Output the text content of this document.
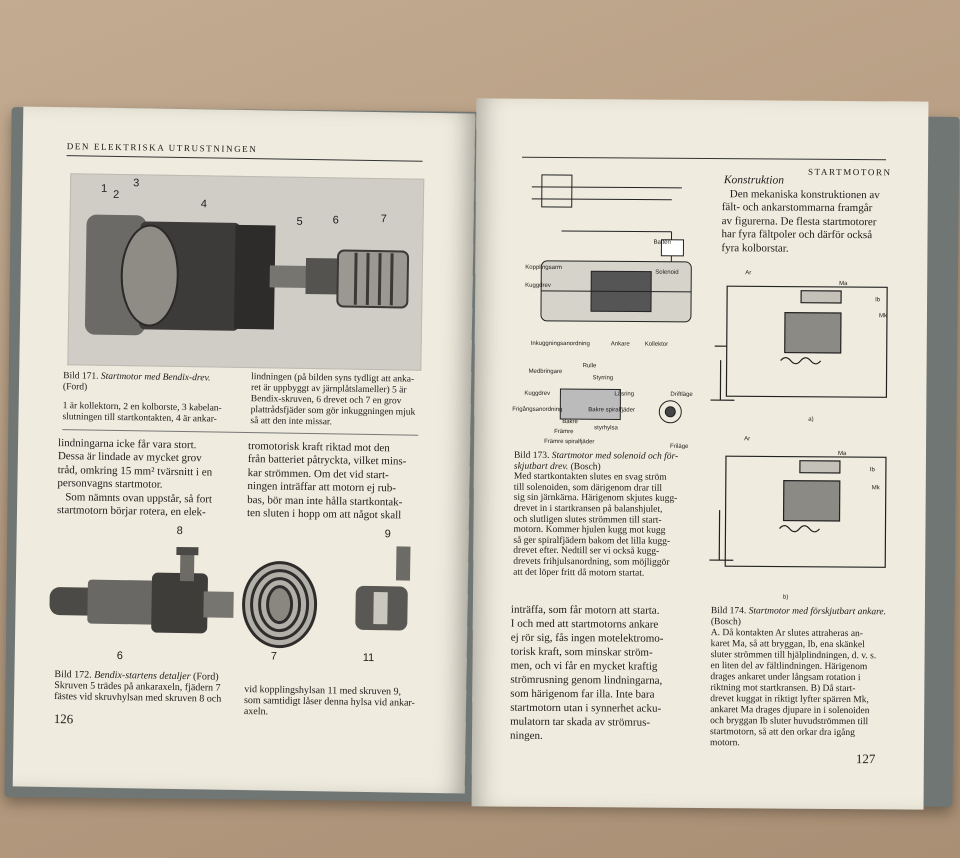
DEN ELEKTRISKA UTRUSTNINGEN
1
2
3
4
5	6	7
Bild 171. Startmotor med Bendix-drev.
(Ford)
1 är kollektorn, 2 en kolborste, 3 kabelan-
slutningen till startkontakten, 4 är ankar-
lindningen (på bilden syns tydligt att anka-
ret är uppbyggt av järnplåtslameller) 5 är
Bendix-skruven, 6 drevet och 7 en grov
plattrådsfjäder som gör inkuggningen mjuk
så att den inte missar.

lindningarna icke får vara stort.

Dessa är lindade av mycket grov

tråd, omkring 15 mm² tvärsnitt i en

personvagns startmotor.

Som nämnts ovan uppstår, så fort

startmotorn börjar rotera, en elek-

tromotorisk kraft riktad mot den

från batteriet påtryckta, vilket mins-

kar strömmen. Om det vid start-

ningen inträffar att motorn ej rub-

bas, bör man inte hålla startkontak-

ten sluten i hopp om att något skall

8	9
6	7	11
Bild 172. Bendix-startens detaljer (Ford)
Skruven 5 trädes på ankaraxeln, fjädern 7
fästes vid skruvhylsan med skruven 8 och
vid kopplingshylsan 11 med skruven 9,
som samtidigt låser denna hylsa vid ankar-
axeln.
126
STARTMOTORN
Batteri
Kopplingsarm
Solenoid
Kuggdrev
Inkuggningsanordning	Ankare Kollektor
Medbringare
Rulle
Styrring
Kuggdrev	Låsring	Driftläge
Frigångsanordning	Bakre spiralfjäder
Bakre
Främre
Främre spiralfjäder
styrhylsa
Friläge
Konstruktion

Den mekaniska konstruktionen av

fält- och ankarstommarna framgår

av figurerna. De flesta startmotorer

har fyra fältpoler och därför också

fyra kolborstar.

Ar
Ma
Ib
Mk
a)
Ar
Ma
Ib
Mk
b)
Bild 173. Startmotor med solenoid och för-skjutbart drev. (Bosch)
Med startkontakten slutes en svag ström
till solenoiden, som därigenom drar till
sig sin järnkärna. Härigenom skjutes kugg-
drevet in i startkransen på balanshjulet,
och slutligen slutes strömmen till start-
motorn. Kommer hjulen kugg mot kugg
så ger spiralfjädern bakom det lilla kugg-
drevet efter. Nedtill ser vi också kugg-
drevets frihjulsanordning, som möjliggör
att det löper fritt då motorn startat.

inträffa, som får motorn att starta.

I och med att startmotorns ankare

ej rör sig, fås ingen motelektromo-

torisk kraft, som minskar ström-

men, och vi får en mycket kraftig

strömrusning genom lindningarna,

som härigenom far illa. Inte bara

startmotorn utan i synnerhet acku-

mulatorn tar skada av strömrus-

ningen.

Bild 174. Startmotor med förskjutbart ankare. (Bosch)
A. Då kontakten Ar slutes attraheras an-
karet Ma, så att bryggan, Ib, ena skänkel
sluter strömmen till hjälplindningen, d. v. s.
en liten del av fältlindningen. Härigenom
drages ankaret under långsam rotation i
riktning mot startkransen. B) Då start-
drevet kuggat in riktigt lyfter spärren Mk,
ankaret Ma drages djupare in i solenoiden
och bryggan Ib sluter huvudströmmen till
startmotorn, så att den orkar dra igång
motorn.
127
